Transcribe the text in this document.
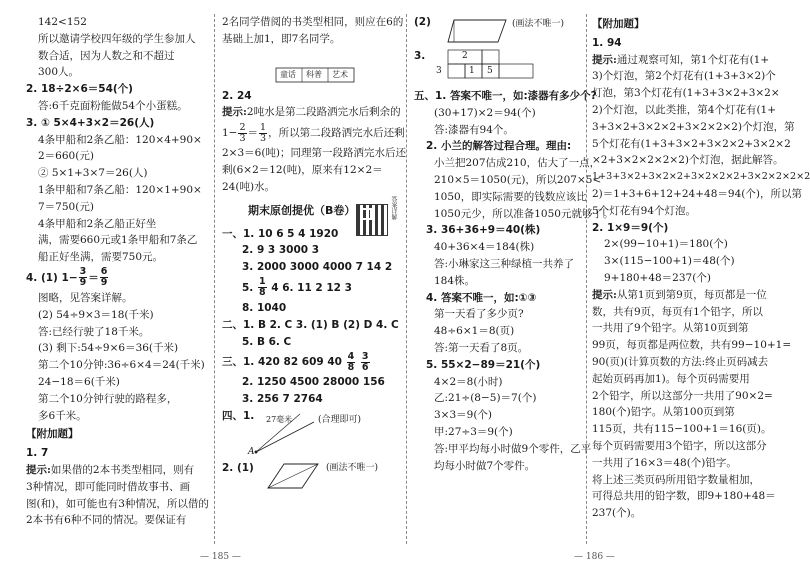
142<152
所以邀请学校四年级的学生参加人
数合适，因为人数之和不超过
300人。
2. 18÷2×6＝54(个)
答:6千克面粉能做54个小蛋糕。
3. ① 5×4+3×2＝26(人)
4条甲船和2条乙船：120×4+90×
2＝660(元)
② 5×1+3×7＝26(人)
1条甲船和7条乙船：120×1+90×
7＝750(元)
4条甲船和2条乙船正好坐
满，需要660元或1条甲船和7条乙
船正好坐满，需要750元。
4. (1) $1- \frac{3}{9} = \frac{6}{9}$
图略，见答案详解。
(2) 54÷9×3＝18(千米)
答:已经行驶了18千米。
(3) 剩下:54÷9×6＝36(千米)
第二个10分钟:36÷6×4＝24(千米)
24−18＝6(千米)
第二个10分钟行驶的路程多，
多6千米。
【附加题】
1. 7
提示:如果借的2本书类型相同，则有
3种情况，即可能同时借故事书、画
图(和)，如可能也有3种情况，所以借的
2本书有6种不同的情况。要保证有
2名同学借阅的书类型相同，则应在6的
基础上加1，即7名同学。
童话 科普 艺术
2. 24
提示:2吨水是第二段路洒完水后剩余的
$1- \frac{2}{3} = \frac{1}{3}$ ，所以第二段路洒完水后还剩
2×3＝6(吨)；同理第一段路洒完水后还
剩(6×2＝12(吨)，原来有12×2＝
24(吨)水。
期末原创提优（B卷）	答案详解
一、1. 10 6 5 4 1920
2. 9 3 3000 3
3. 2000 3000 4000 7 14 2
5. $\frac{1}{8} 4$ 6. 11 2 12 3
8. 1040
二、1. B 2. C 3. (1) B (2) D 4. C
5. B 6. C
三、1. 420 82 609 $40 \frac{4}{8}$
$\frac{3}{6}$
2. 1250 4500 28000 156
3. 256 7 2764
四、1. 27毫米	(合理即可)
A
2. (1)	(画法不唯一)
(2)	(画法不唯一)
3.
3
2
1 5
五、1. 答案不唯一，如:漆器有多少个?
(30+17)×2＝94(个)
答:漆器有94个。
2. 小兰的解答过程合理。理由:
小兰把207估成210，估大了一点，
210×5＝1050(元)，所以207×5<
1050，即实际需要的钱数应该比
1050元少，所以准备1050元就够了。
3. 36+36+9＝40(株)
40+36×4＝184(株)
答:小琳家这三种绿植一共养了
184株。
4. 答案不唯一，如:①③
第一天看了多少页?
48÷6×1＝8(页)
答:第一天看了8页。
5. 55×2−89＝21(个)
4×2＝8(小时)
乙:21÷(8−5)＝7(个)
3×3＝9(个)
甲:27÷3＝9(个)
答:甲平均每小时做9个零件，乙平
均每小时做7个零件。
【附加题】
1. 94
提示:通过观察可知，第1个灯花有(1+
3)个灯泡，第2个灯花有(1+3+3×2)个
灯泡，第3个灯花有(1+3+3×2+3×2×
2)个灯泡，以此类推，第4个灯花有(1+
3+3×2+3×2×2+3×2×2×2)个灯泡，第
5个灯花有(1+3+3×2+3×2×2+3×2×2
×2+3×2×2×2×2)个灯泡，据此解答。
1+3+3×2+3×2×2+3×2×2×2+3×2×2×2×2
2)＝1+3+6+12+24+48＝94(个)，所以第
5个灯花有94个灯泡。
2. 1×9＝9(个)
2×(99−10+1)＝180(个)
3×(115−100+1)＝48(个)
9+180+48＝237(个)
提示:从第1页到第9页，每页都是一位
数，共有9页，每页有1个铅字，所以
一共用了9个铅字。从第10页到第
99页，每页都是两位数，共有99−10+1=
90(页)(计算页数的方法:终止页码减去
起始页码再加1)。每个页码需要用
2个铅字，所以这部分一共用了90×2=
180(个)铅字。从第100页到第
115页，共有115−100+1＝16(页)。
每个页码需要用3个铅字，所以这部分
一共用了16×3＝48(个)铅字。
将上述三类页码所用铅字数量相加，
可得总共用的铅字数，即9+180+48＝
237(个)。
— 185 —	— 186 —
